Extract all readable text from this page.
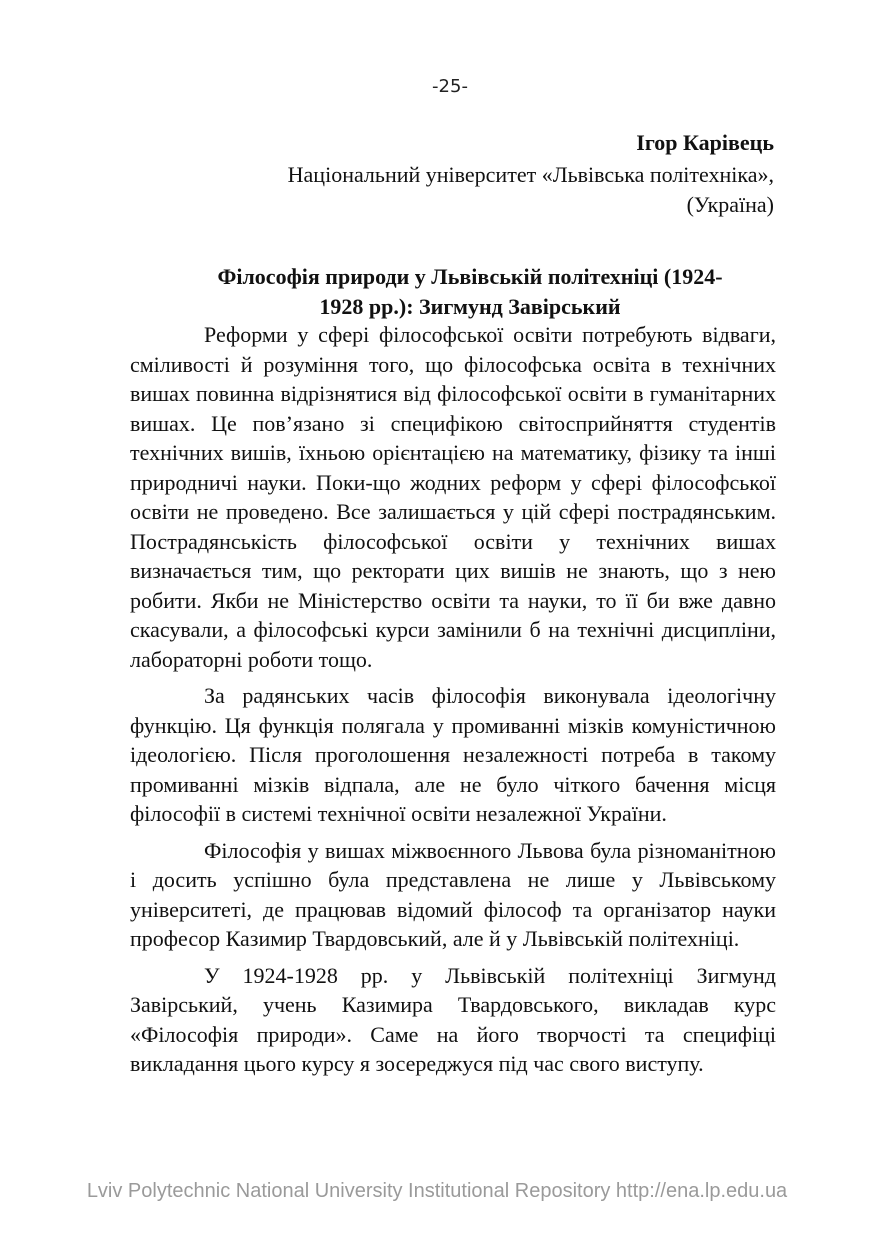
-25-
Ігор Карівець
Національний університет «Львівська політехніка»,
(Україна)
Філософія природи у Львівській політехніці (1924-
1928 рр.): Зигмунд Завірський

Реформи у сфері філософської освіти потребують відваги, сміливості й розуміння того, що філософська освіта в технічних вишах повинна відрізнятися від філософської освіти в гуманітарних вишах. Це пов’язано зі специфікою світосприйняття студентів технічних вишів, їхньою орієнтацією на математику, фізику та інші природничі науки. Поки-що жодних реформ у сфері філософської освіти не проведено. Все залишається у цій сфері пострадянським. Пострадянськість філософської освіти у технічних вишах визначається тим, що ректорати цих вишів не знають, що з нею робити. Якби не Міністерство освіти та науки, то її би вже давно скасували, а філософські курси замінили б на технічні дисципліни, лабораторні роботи тощо.

За радянських часів філософія виконувала ідеологічну функцію. Ця функція полягала у промиванні мізків комуністичною ідеологією. Після проголошення незалежності потреба в такому промиванні мізків відпала, але не було чіткого бачення місця філософії в системі технічної освіти незалежної України.

Філософія у вишах міжвоєнного Львова була різноманітною і досить успішно була представлена не лише у Львівському університеті, де працював відомий філософ та організатор науки професор Казимир Твардовський, але й у Львівській політехніці.

У 1924-1928 рр. у Львівській політехніці Зигмунд Завірський, учень Казимира Твардовського, викладав курс «Філософія природи». Саме на його творчості та специфіці викладання цього курсу я зосереджуся під час свого виступу.

Lviv Polytechnic National University Institutional Repository http://ena.lp.edu.ua
